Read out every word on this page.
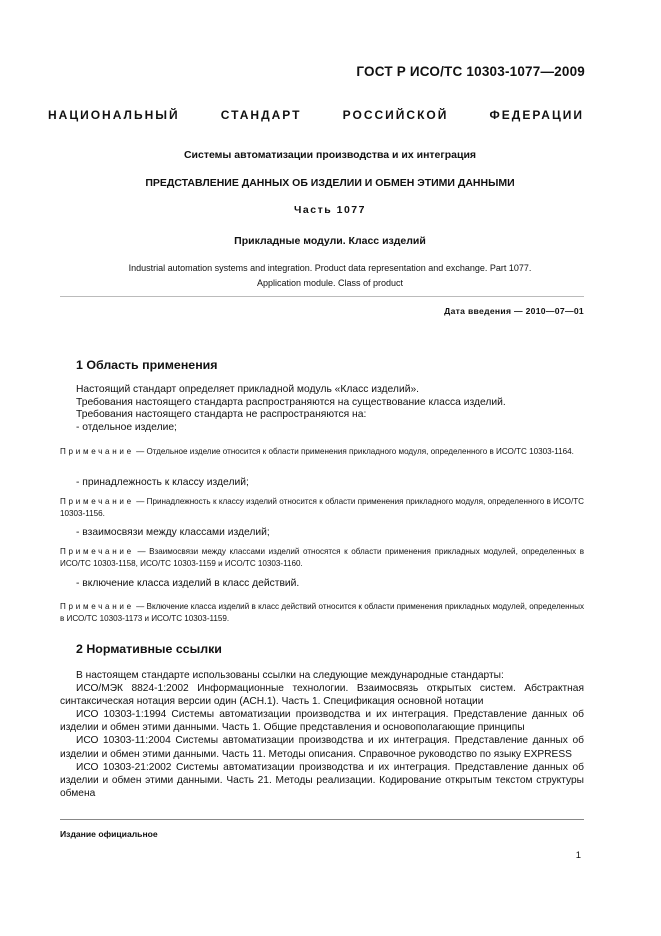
ГОСТ Р ИСО/ТС 10303-1077—2009
НАЦИОНАЛЬНЫЙ СТАНДАРТ РОССИЙСКОЙ ФЕДЕРАЦИИ
Системы автоматизации производства и их интеграция
ПРЕДСТАВЛЕНИЕ ДАННЫХ ОБ ИЗДЕЛИИ И ОБМЕН ЭТИМИ ДАННЫМИ
Часть 1077
Прикладные модули. Класс изделий
Industrial automation systems and integration. Product data representation and exchange. Part 1077.
Application module. Class of product
Дата введения — 2010—07—01
1 Область применения

Настоящий стандарт определяет прикладной модуль «Класс изделий».

Требования настоящего стандарта распространяются на существование класса изделий.

Требования настоящего стандарта не распространяются на:

- отдельное изделие;

Примечание — Отдельное изделие относится к области применения прикладного модуля, определенного в ИСО/ТС 10303-1164.
- принадлежность к классу изделий;
Примечание — Принадлежность к классу изделий относится к области применения прикладного модуля, определенного в ИСО/ТС 10303-1156.
- взаимосвязи между классами изделий;
Примечание — Взаимосвязи между классами изделий относятся к области применения прикладных модулей, определенных в ИСО/ТС 10303-1158, ИСО/ТС 10303-1159 и ИСО/ТС 10303-1160.
- включение класса изделий в класс действий.
Примечание — Включение класса изделий в класс действий относится к области применения прикладных модулей, определенных в ИСО/ТС 10303-1173 и ИСО/ТС 10303-1159.
2 Нормативные ссылки

В настоящем стандарте использованы ссылки на следующие международные стандарты:

ИСО/МЭК 8824-1:2002 Информационные технологии. Взаимосвязь открытых систем. Абстрактная синтаксическая нотация версии один (АСН.1). Часть 1. Спецификация основной нотации

ИСО 10303-1:1994 Системы автоматизации производства и их интеграция. Представление данных об изделии и обмен этими данными. Часть 1. Общие представления и основополагающие принципы

ИСО 10303-11:2004 Системы автоматизации производства и их интеграция. Представление данных об изделии и обмен этими данными. Часть 11. Методы описания. Справочное руководство по языку EXPRESS

ИСО 10303-21:2002 Системы автоматизации производства и их интеграция. Представление данных об изделии и обмен этими данными. Часть 21. Методы реализации. Кодирование открытым текстом структуры обмена

Издание официальное
1
